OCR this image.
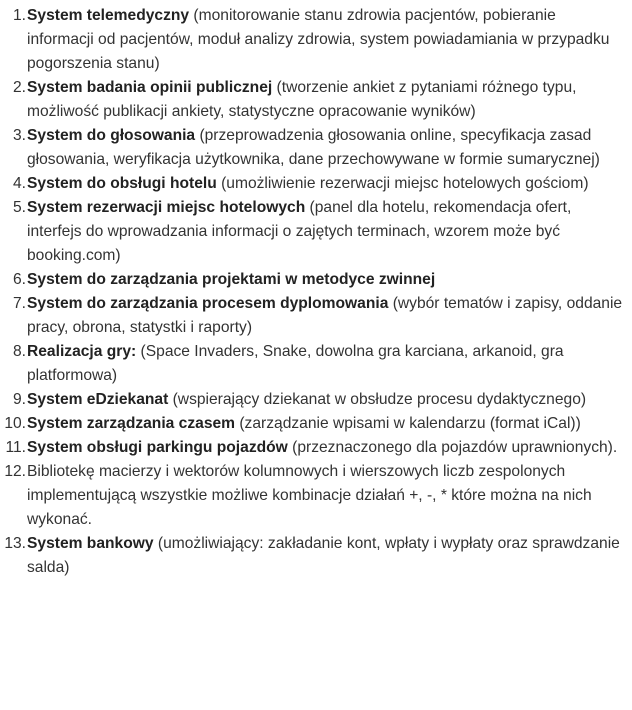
1. System telemedyczny (monitorowanie stanu zdrowia pacjentów, pobieranie informacji od pacjentów, moduł analizy zdrowia, system powiadamiania w przypadku pogorszenia stanu)
2. System badania opinii publicznej (tworzenie ankiet z pytaniami różnego typu, możliwość publikacji ankiety, statystyczne opracowanie wyników)
3. System do głosowania (przeprowadzenia głosowania online, specyfikacja zasad głosowania, weryfikacja użytkownika, dane przechowywane w formie sumarycznej)
4. System do obsługi hotelu (umożliwienie rezerwacji miejsc hotelowych gościom)
5. System rezerwacji miejsc hotelowych (panel dla hotelu, rekomendacja ofert, interfejs do wprowadzania informacji o zajętych terminach, wzorem może być booking.com)
6. System do zarządzania projektami w metodyce zwinnej
7. System do zarządzania procesem dyplomowania (wybór tematów i zapisy, oddanie pracy, obrona, statystki i raporty)
8. Realizacja gry: (Space Invaders, Snake, dowolna gra karciana, arkanoid, gra platformowa)
9. System eDziekanat (wspierający dziekanat w obsłudze procesu dydaktycznego)
10. System zarządzania czasem (zarządzanie wpisami w kalendarzu (format iCal))
11. System obsługi parkingu pojazdów (przeznaczonego dla pojazdów uprawnionych).
12. Bibliotekę macierzy i wektorów kolumnowych i wierszowych liczb zespolonych implementującą wszystkie możliwe kombinacje działań +, -, * które można na nich wykonać.
13. System bankowy (umożliwiający: zakładanie kont, wpłaty i wypłaty oraz sprawdzanie salda)
